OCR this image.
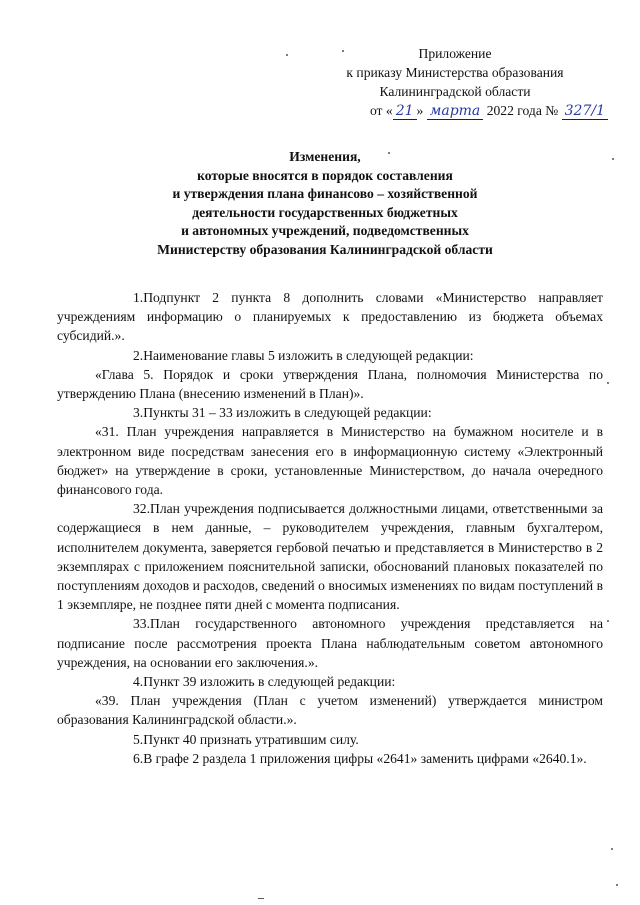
Приложение
к приказу Министерства образования
Калининградской области
от « 21 » марта 2022 года № 327/1
Изменения,
которые вносятся в порядок составления
и утверждения плана финансово – хозяйственной
деятельности государственных бюджетных
и автономных учреждений, подведомственных
Министерству образования Калининградской области

1.Подпункт 2 пункта 8 дополнить словами «Министерство направляет учреждениям информацию о планируемых к предоставлению из бюджета объемах субсидий.».

2.Наименование главы 5 изложить в следующей редакции:

«Глава 5. Порядок и сроки утверждения Плана, полномочия Министерства по утверждению Плана (внесению изменений в План)».

3.Пункты 31 – 33 изложить в следующей редакции:

«31. План учреждения направляется в Министерство на бумажном носителе и в электронном виде посредствам занесения его в информационную систему «Электронный бюджет» на утверждение в сроки, установленные Министерством, до начала очередного финансового года.

32.План учреждения подписывается должностными лицами, ответственными за содержащиеся в нем данные, – руководителем учреждения, главным бухгалтером, исполнителем документа, заверяется гербовой печатью и представляется в Министерство в 2 экземплярах с приложением пояснительной записки, обоснований плановых показателей по поступлениям доходов и расходов, сведений о вносимых изменениях по видам поступлений в 1 экземпляре, не позднее пяти дней с момента подписания.

33.План государственного автономного учреждения представляется на подписание после рассмотрения проекта Плана наблюдательным советом автономного учреждения, на основании его заключения.».

4.Пункт 39 изложить в следующей редакции:

«39. План учреждения (План с учетом изменений) утверждается министром образования Калининградской области.».

5.Пункт 40 признать утратившим силу.

6.В графе 2 раздела 1 приложения цифры «2641» заменить цифрами «2640.1».
